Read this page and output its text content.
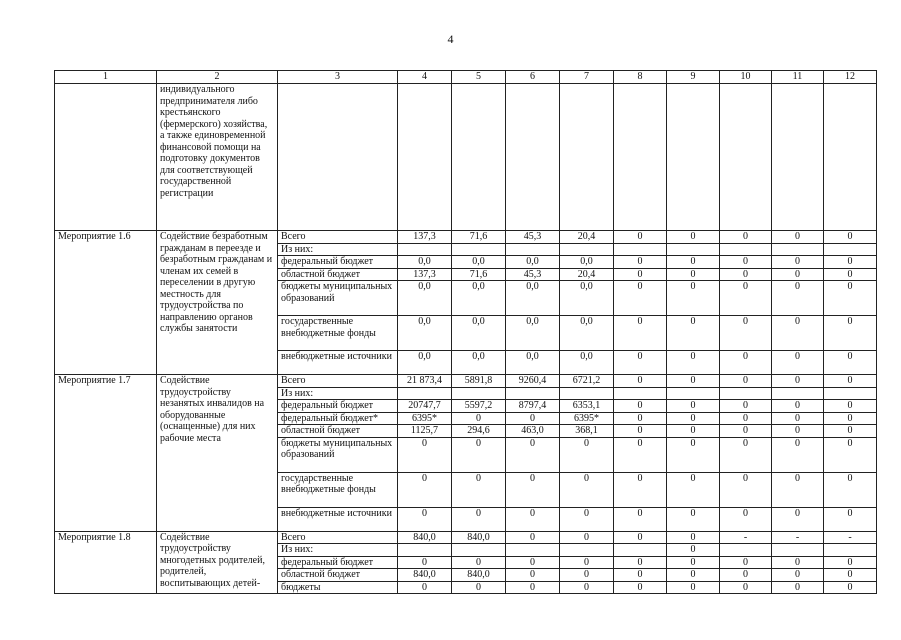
4
1	2	3	4	5	6	7	8	9	10	11	12
	индивидуального предпринимателя либо крестьянского (фермерского) хозяйства, а также единовременной финансовой помощи на подготовку документов для соответствующей государственной регистрации										
Мероприятие 1.6	Содействие безработным гражданам в переезде и безработным гражданам и членам их семей в переселении в другую местность для трудоустройства по направлению органов службы занятости	Всего	137,3	71,6	45,3	20,4	0	0	0	0	0
		Из них:									
		федеральный бюджет	0,0	0,0	0,0	0,0	0	0	0	0	0
		областной бюджет	137,3	71,6	45,3	20,4	0	0	0	0	0
		бюджеты муниципальных образований	0,0	0,0	0,0	0,0	0	0	0	0	0
		государственные внебюджетные фонды	0,0	0,0	0,0	0,0	0	0	0	0	0
		внебюджетные источники	0,0	0,0	0,0	0,0	0	0	0	0	0
Мероприятие 1.7	Содействие трудоустройству незанятых инвалидов на оборудованные (оснащенные) для них рабочие места	Всего	21 873,4	5891,8	9260,4	6721,2	0	0	0	0	0
		Из них:									
		федеральный бюджет	20747,7	5597,2	8797,4	6353,1	0	0	0	0	0
		федеральный бюджет*	6395*	0	0	6395*	0	0	0	0	0
		областной бюджет	1125,7	294,6	463,0	368,1	0	0	0	0	0
		бюджеты муниципальных образований	0	0	0	0	0	0	0	0	0
		государственные внебюджетные фонды	0	0	0	0	0	0	0	0	0
		внебюджетные источники	0	0	0	0	0	0	0	0	0
Мероприятие 1.8	Содействие трудоустройству многодетных родителей, родителей, воспитывающих детей-	Всего	840,0	840,0	0	0	0	0	-	-	-
		Из них:						0			
		федеральный бюджет	0	0	0	0	0	0	0	0	0
		областной бюджет	840,0	840,0	0	0	0	0	0	0	0
		бюджеты	0	0	0	0	0	0	0	0	0
